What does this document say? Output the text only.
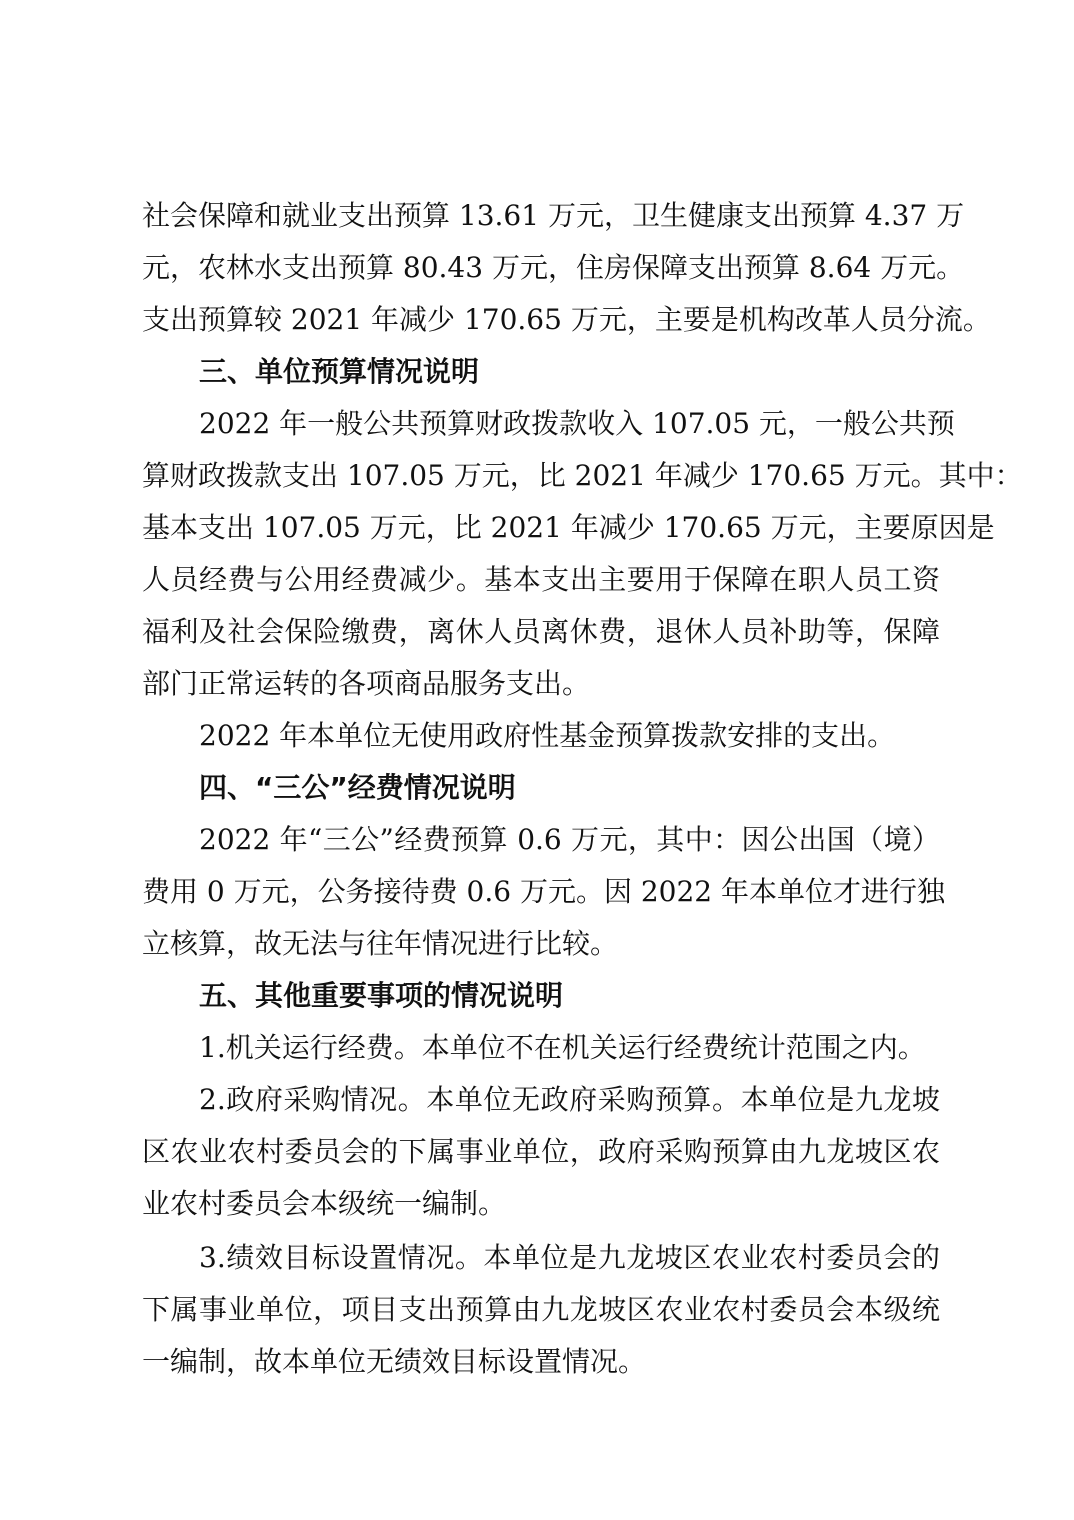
社会保障和就业支出预算 13.61 万元，卫生健康支出预算 4.37 万
元，农林水支出预算 80.43 万元，住房保障支出预算 8.64 万元。
支出预算较 2021 年减少 170.65 万元，主要是机构改革人员分流。
三、单位预算情况说明
2022 年一般公共预算财政拨款收入 107.05 元，一般公共预
算财政拨款支出 107.05 万元，比 2021 年减少 170.65 万元。其中：
基本支出 107.05 万元，比 2021 年减少 170.65 万元，主要原因是
人员经费与公用经费减少。基本支出主要用于保障在职人员工资
福利及社会保险缴费，离休人员离休费，退休人员补助等，保障
部门正常运转的各项商品服务支出。
2022 年本单位无使用政府性基金预算拨款安排的支出。
四、“三公”经费情况说明
2022 年“三公”经费预算 0.6 万元，其中：因公出国（境）
费用 0 万元，公务接待费 0.6 万元。因 2022 年本单位才进行独
立核算，故无法与往年情况进行比较。
五、其他重要事项的情况说明
1.机关运行经费。本单位不在机关运行经费统计范围之内。
2.政府采购情况。本单位无政府采购预算。本单位是九龙坡
区农业农村委员会的下属事业单位，政府采购预算由九龙坡区农
业农村委员会本级统一编制。
3.绩效目标设置情况。本单位是九龙坡区农业农村委员会的
下属事业单位，项目支出预算由九龙坡区农业农村委员会本级统
一编制，故本单位无绩效目标设置情况。
